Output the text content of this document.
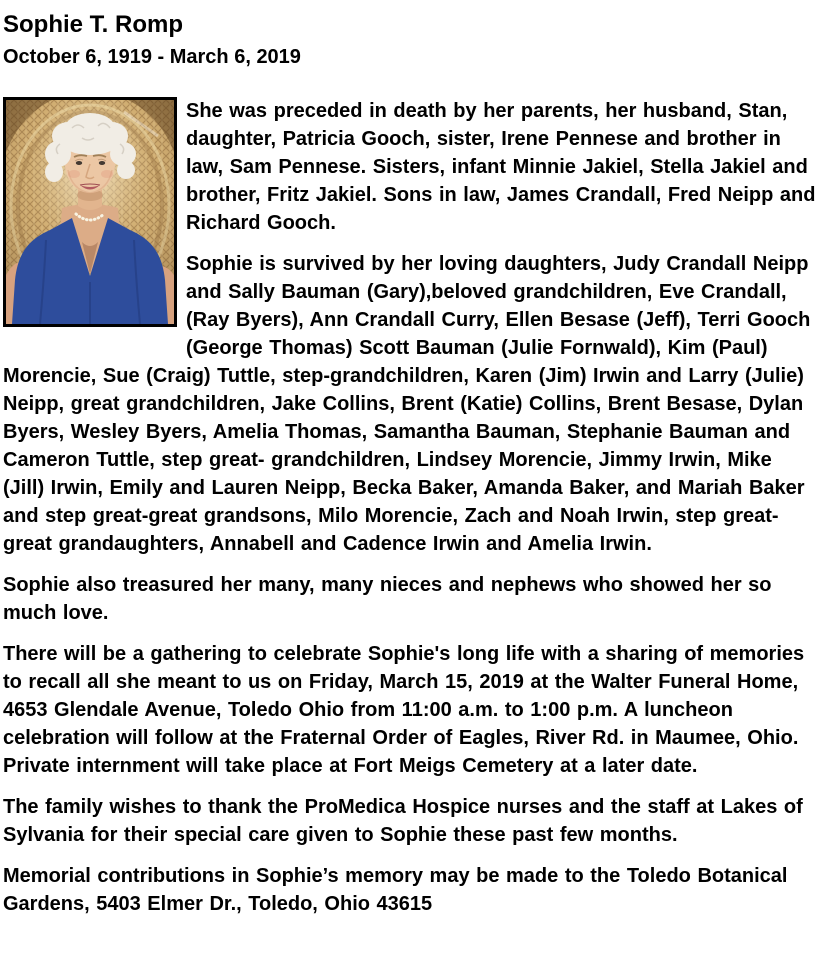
Sophie T. Romp
October 6, 1919 - March 6, 2019

She was preceded in death by her parents, her husband, Stan, daughter, Patricia Gooch, sister, Irene Pennese and brother in law, Sam Pennese. Sisters, infant Minnie Jakiel, Stella Jakiel and brother, Fritz Jakiel. Sons in law, James Crandall, Fred Neipp and Richard Gooch.

Sophie is survived by her loving daughters, Judy Crandall Neipp and Sally Bauman (Gary),beloved grandchildren, Eve Crandall, (Ray Byers), Ann Crandall Curry, Ellen Besase (Jeff), Terri Gooch (George Thomas) Scott Bauman (Julie Fornwald), Kim (Paul) Morencie, Sue (Craig) Tuttle, step-grandchildren, Karen (Jim) Irwin and Larry (Julie) Neipp, great grandchildren, Jake Collins, Brent (Katie) Collins, Brent Besase, Dylan Byers, Wesley Byers, Amelia Thomas, Samantha Bauman, Stephanie Bauman and Cameron Tuttle, step great- grandchildren, Lindsey Morencie, Jimmy Irwin, Mike (Jill) Irwin, Emily and Lauren Neipp, Becka Baker, Amanda Baker, and Mariah Baker and step great-great grandsons, Milo Morencie, Zach and Noah Irwin, step great-great grandaughters, Annabell and Cadence Irwin and Amelia Irwin.

Sophie also treasured her many, many nieces and nephews who showed her so much love.

There will be a gathering to celebrate Sophie's long life with a sharing of memories to recall all she meant to us on Friday, March 15, 2019 at the Walter Funeral Home, 4653 Glendale Avenue, Toledo Ohio from 11:00 a.m. to 1:00 p.m. A luncheon celebration will follow at the Fraternal Order of Eagles, River Rd. in Maumee, Ohio. Private internment will take place at Fort Meigs Cemetery at a later date.

The family wishes to thank the ProMedica Hospice nurses and the staff at Lakes of Sylvania for their special care given to Sophie these past few months.

Memorial contributions in Sophie’s memory may be made to the Toledo Botanical Gardens, 5403 Elmer Dr., Toledo, Ohio 43615
